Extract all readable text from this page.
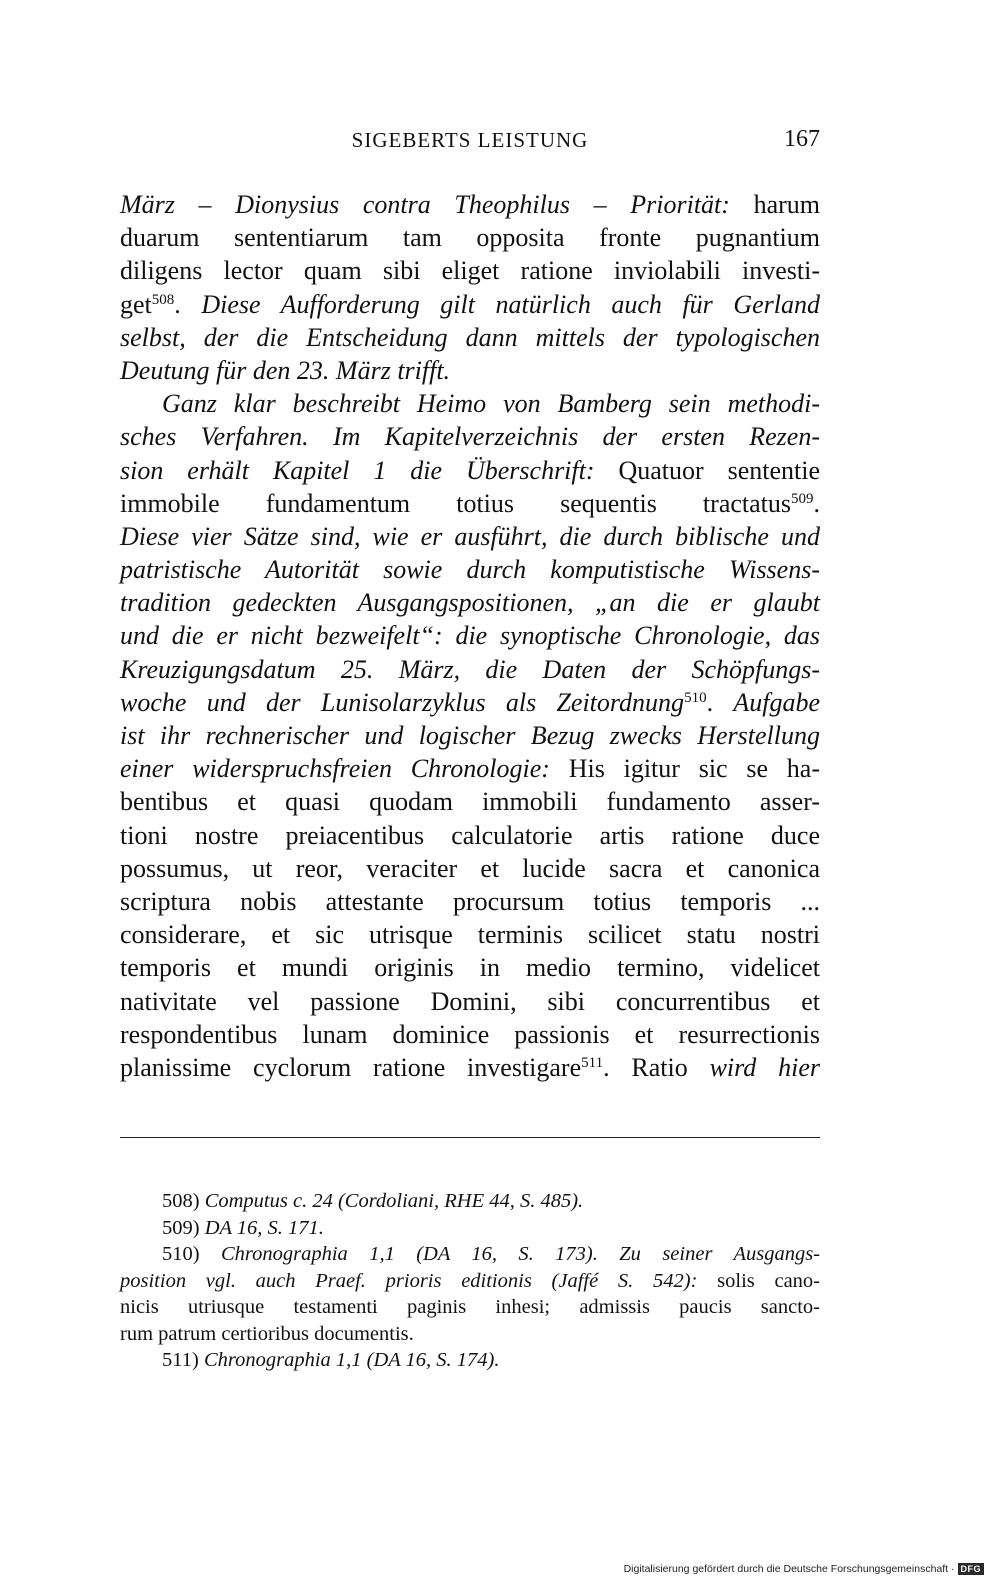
SIGEBERTS LEISTUNG	167
März – Dionysius contra Theophilus – Priorität: harum
duarum sententiarum tam opposita fronte pugnantium
diligens lector quam sibi eliget ratione inviolabili investi-
get$^{508}$. Diese Aufforderung gilt natürlich auch für Gerland
selbst, der die Entscheidung dann mittels der typologischen
Deutung für den 23. März trifft.
Ganz klar beschreibt Heimo von Bamberg sein methodi-
sches Verfahren. Im Kapitelverzeichnis der ersten Rezen-
sion erhält Kapitel 1 die Überschrift: Quatuor sententie
immobile fundamentum totius sequentis tractatus$^{509}$.
Diese vier Sätze sind, wie er ausführt, die durch biblische und
patristische Autorität sowie durch komputistische Wissens-
tradition gedeckten Ausgangspositionen, „an die er glaubt
und die er nicht bezweifelt“: die synoptische Chronologie, das
Kreuzigungsdatum 25. März, die Daten der Schöpfungs-
woche und der Lunisolarzyklus als Zeitordnung$^{510}$. Aufgabe
ist ihr rechnerischer und logischer Bezug zwecks Herstellung
einer widerspruchsfreien Chronologie: His igitur sic se ha-
bentibus et quasi quodam immobili fundamento asser-
tioni nostre preiacentibus calculatorie artis ratione duce
possumus, ut reor, veraciter et lucide sacra et canonica
scriptura nobis attestante procursum totius temporis ...
considerare, et sic utrisque terminis scilicet statu nostri
temporis et mundi originis in medio termino, videlicet
nativitate vel passione Domini, sibi concurrentibus et
respondentibus lunam dominice passionis et resurrectionis
planissime cyclorum ratione investigare$^{511}$. Ratio wird hier
508) Computus c. 24 (Cordoliani, RHE 44, S. 485).
509) DA 16, S. 171.
510) Chronographia 1,1 (DA 16, S. 173). Zu seiner Ausgangs-
position vgl. auch Praef. prioris editionis (Jaffé S. 542): solis cano-
nicis utriusque testamenti paginis inhesi; admissis paucis sancto-
rum patrum certioribus documentis.
511) Chronographia 1,1 (DA 16, S. 174).
Digitalisierung gefördert durch die Deutsche Forschungsgemeinschaft · DFG
